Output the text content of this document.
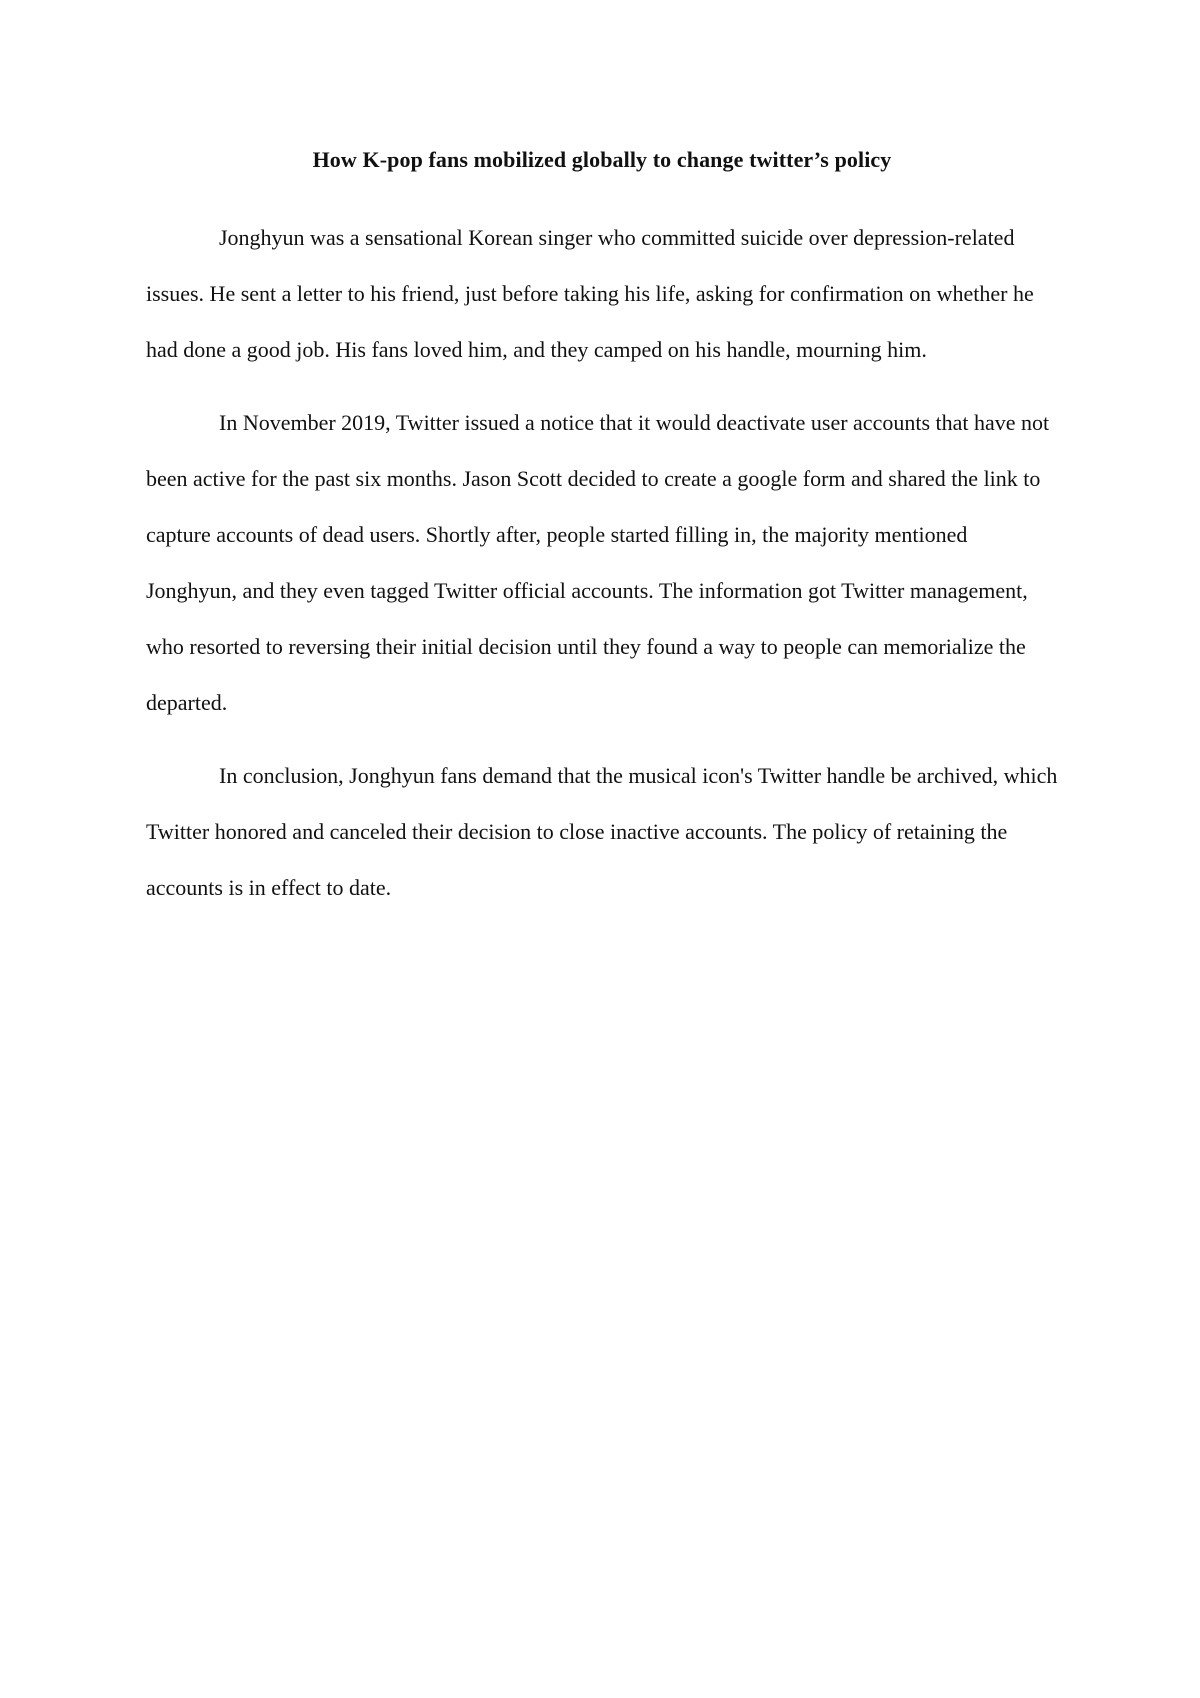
How K-pop fans mobilized globally to change twitter’s policy

Jonghyun was a sensational Korean singer who committed suicide over depression-related issues. He sent a letter to his friend, just before taking his life, asking for confirmation on whether he had done a good job. His fans loved him, and they camped on his handle, mourning him.

In November 2019, Twitter issued a notice that it would deactivate user accounts that have not been active for the past six months. Jason Scott decided to create a google form and shared the link to capture accounts of dead users. Shortly after, people started filling in, the majority mentioned Jonghyun, and they even tagged Twitter official accounts. The information got Twitter management, who resorted to reversing their initial decision until they found a way to people can memorialize the departed.

In conclusion, Jonghyun fans demand that the musical icon's Twitter handle be archived, which Twitter honored and canceled their decision to close inactive accounts. The policy of retaining the accounts is in effect to date.
